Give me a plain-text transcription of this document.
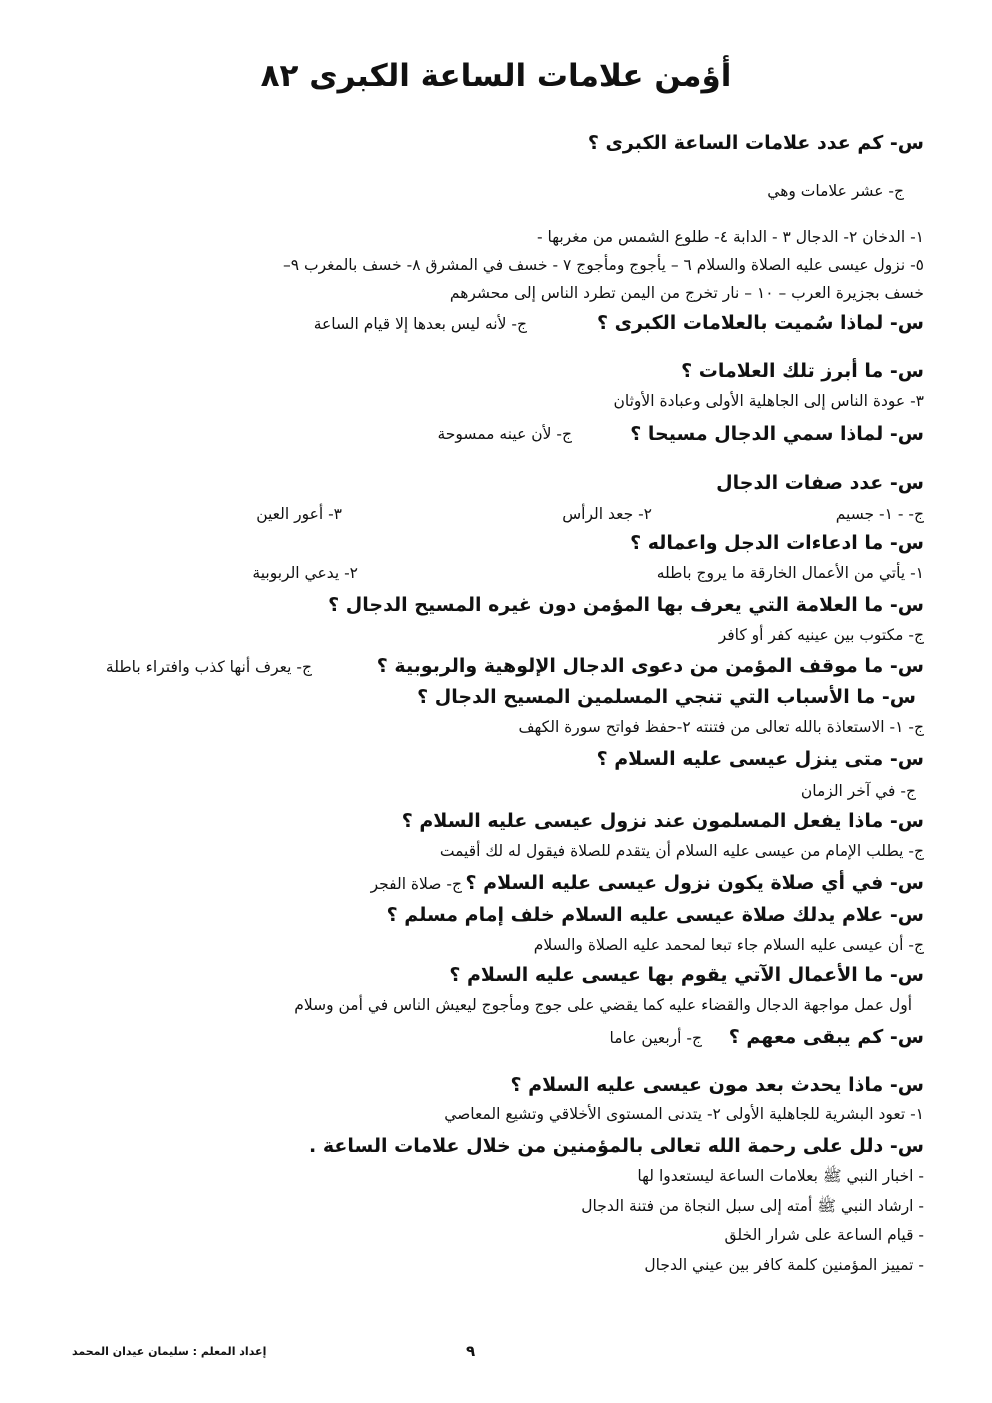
أؤمن علامات الساعة الكبرى ٨٢
س- كم عدد علامات الساعة الكبرى ؟
ج- عشر علامات وهي
١- الدخان ٢- الدجال ٣ - الدابة ٤- طلوع الشمس من مغربها -
٥- نزول عيسى عليه الصلاة والسلام ٦ – يأجوج ومأجوج ٧ - خسف في المشرق ٨- خسف بالمغرب ٩–
خسف بجزيرة العرب – ١٠ – نار تخرج من اليمن تطرد الناس إلى محشرهم
س- لماذا سُميت بالعلامات الكبرى ؟
ج- لأنه ليس بعدها إلا قيام الساعة
س- ما أبرز تلك العلامات ؟
٣- عودة الناس إلى الجاهلية الأولى وعبادة الأوثان
س- لماذا سمي الدجال مسيحا ؟
ج- لأن عينه ممسوحة
س- عدد صفات الدجال
ج- - ١- جسيم
٢- جعد الرأس
٣- أعور العين
س- ما ادعاءات الدجل واعماله ؟
١- يأتي من الأعمال الخارقة ما يروج باطله
٢- يدعي الربوبية
س- ما العلامة التي يعرف بها المؤمن دون غيره المسيح الدجال ؟
ج- مكتوب بين عينيه كفر أو كافر
س- ما موقف المؤمن من دعوى الدجال الإلوهية والربوبية ؟
ج- يعرف أنها كذب وافتراء باطلة
س- ما الأسباب التي تنجي المسلمين المسيح الدجال ؟
ج- ١- الاستعاذة بالله تعالى من فتنته ٢-حفظ فواتح سورة الكهف
س- متى ينزل عيسى عليه السلام ؟
ج- في آخر الزمان
س- ماذا يفعل المسلمون عند نزول عيسى عليه السلام ؟
ج- يطلب الإمام من عيسى عليه السلام أن يتقدم للصلاة فيقول له لك أقيمت
س- في أي صلاة يكون نزول عيسى عليه السلام ؟
ج- صلاة الفجر
س- علام يدلك صلاة عيسى عليه السلام خلف إمام مسلم ؟
ج- أن عيسى عليه السلام جاء تبعا لمحمد عليه الصلاة والسلام
س- ما الأعمال الآتي يقوم بها عيسى عليه السلام ؟
أول عمل مواجهة الدجال والقضاء عليه كما يقضي على جوج ومأجوج ليعيش الناس في أمن وسلام
س- كم يبقى معهم ؟
ج- أربعين عاما
س- ماذا يحدث بعد مون عيسى عليه السلام ؟
١- تعود البشرية للجاهلية الأولى ٢- يتدنى المستوى الأخلاقي وتشيع المعاصي
س- دلل على رحمة الله تعالى بالمؤمنين من خلال علامات الساعة .
- اخبار النبي ﷺ بعلامات الساعة ليستعدوا لها
- ارشاد النبي ﷺ أمته إلى سبل النجاة من فتنة الدجال
- قيام الساعة على شرار الخلق
- تمييز المؤمنين كلمة كافر بين عيني الدجال
٩
إعداد المعلم : سليمان عيدان المحمد
